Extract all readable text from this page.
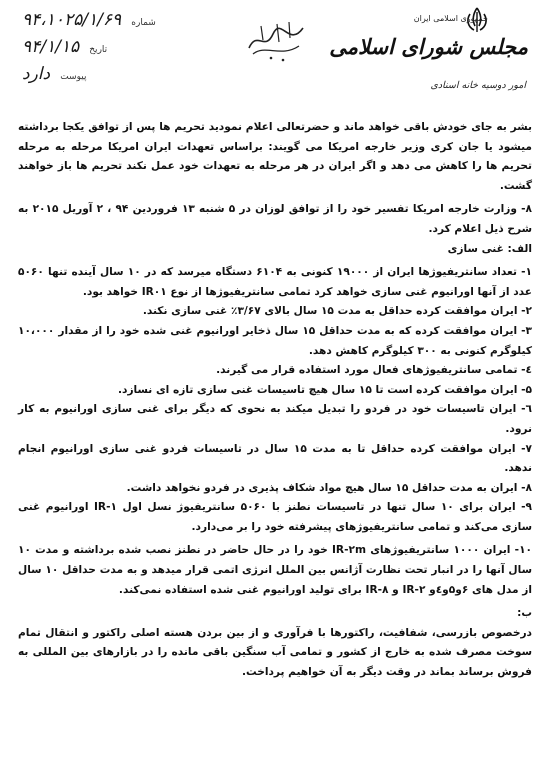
شماره ۹۴،۱۰۲۵/۱/۶۹
تاریخ ۹۴/۱/۱۵
پیوست دارد
جمهوری اسلامی ایران
مجلس شورای اسلامی
امور دوسیه خانه اسنادی

بشر به جای خودش باقی خواهد ماند و حضرتعالی اعلام نمودید تحریم ها پس از توافق یکجا برداشته میشود یا جان کری وزیر خارجه امریکا می گویند: براساس تعهدات ایران امریکا مرحله به مرحله تحریم ها را کاهش می دهد و اگر ایران در هر مرحله به تعهدات خود عمل نکند تحریم ها باز خواهند گشت.

۸- وزارت خارجه امریکا تفسیر خود را از توافق لوزان در ۵ شنبه ۱۳ فروردین ۹۴ ، ۲ آوریل ۲۰۱۵ به شرح ذیل اعلام کرد.

الف: غنی سازی

۱- تعداد سانتریفیوژها ایران از ۱۹۰۰۰ کنونی به ۶۱۰۴ دستگاه میرسد که در ۱۰ سال آینده تنها ۵۰۶۰ عدد از آنها اورانیوم غنی سازی خواهد کرد تمامی سانتریفیوژها از نوع IR۰۱ خواهد بود.

۲- ایران موافقت کرده حداقل به مدت ۱۵ سال بالای ۳/۶۷٪ غنی سازی نکند.

۳- ایران موافقت کرده که به مدت حداقل ۱۵ سال ذخایر اورانیوم غنی شده خود را از مقدار ۱۰،۰۰۰ کیلوگرم کنونی به ۳۰۰ کیلوگرم کاهش دهد.

٤- تمامی سانتریفیوژهای فعال مورد استفاده قرار می گیرند.

۵- ایران موافقت کرده است تا ۱۵ سال هیچ تاسیسات غنی سازی تازه ای نسازد.

٦- ایران تاسیسات خود در فردو را تبدیل میکند به نحوی که دیگر برای غنی سازی اورانیوم به کار نرود.

۷- ایران موافقت کرده حداقل تا به مدت ۱۵ سال در تاسیسات فردو غنی سازی اورانیوم انجام ندهد.

۸- ایران به مدت حداقل ۱۵ سال هیچ مواد شکاف پذیری در فردو نخواهد داشت.

۹- ایران برای ۱۰ سال تنها در تاسیسات نطنز با ۵۰۶۰ سانتریفیوژ نسل اول IR-۱ اورانیوم غنی سازی می‌کند و تمامی سانتریفیوژهای پیشرفته خود را بر می‌دارد.

۱۰- ایران ۱۰۰۰ سانتریفیوژهای IR-۲m خود را در حال حاضر در نطنز نصب شده برداشته و مدت ۱۰ سال آنها را در انبار تحت نظارت آژانس بین الملل انرژی اتمی قرار میدهد و به مدت حداقل ۱۰ سال از مدل های ۶و۵و٤و IR-۲ و IR-۸ برای تولید اورانیوم غنی شده استفاده نمی‌کند.

ب:

درخصوص بازرسی، شفافیت، راکتورها با فرآوری و از بین بردن هسته اصلی راکتور و انتقال تمام سوخت مصرف شده به خارج از کشور و تمامی آب سنگین باقی مانده را در بازارهای بین المللی به فروش برساند بماند در وقت دیگر به آن خواهیم پرداخت.
